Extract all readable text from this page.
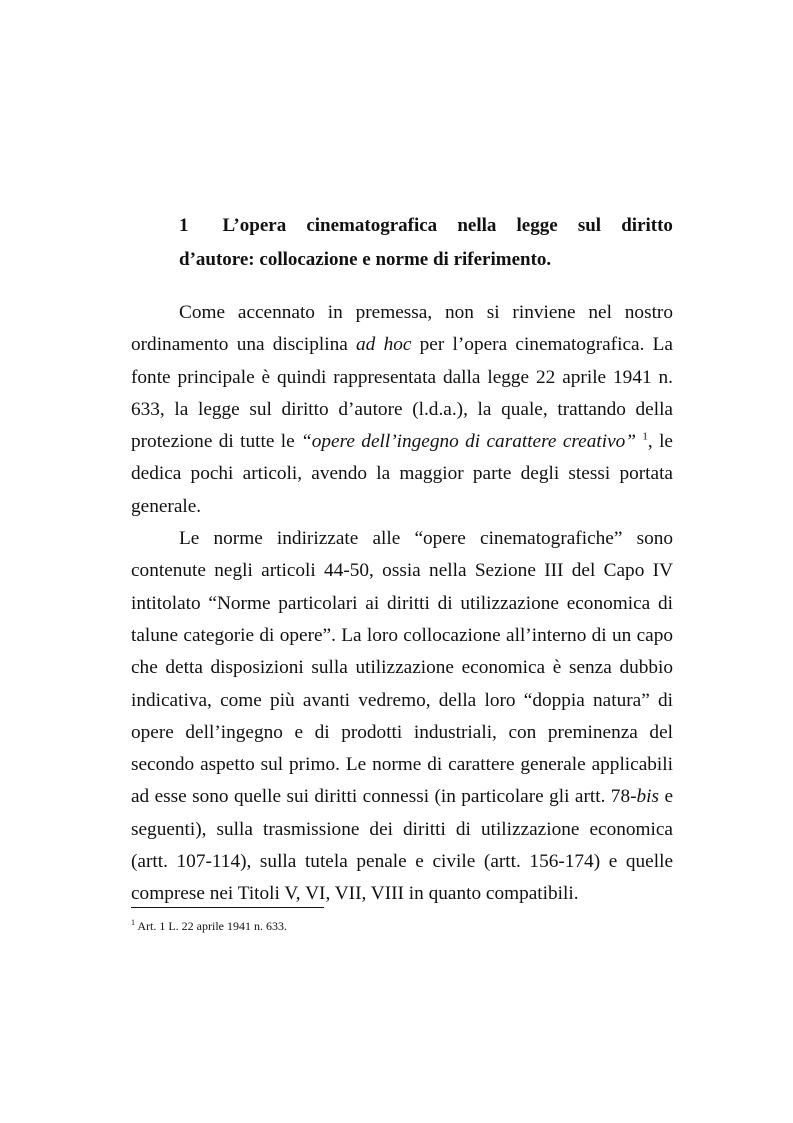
1 L’opera cinematografica nella legge sul diritto
d’autore: collocazione e norme di riferimento.

Come accennato in premessa, non si rinviene nel nostro ordinamento una disciplina ad hoc per l’opera cinematografica. La fonte principale è quindi rappresentata dalla legge 22 aprile 1941 n. 633, la legge sul diritto d’autore (l.d.a.), la quale, trattando della protezione di tutte le “opere dell’ingegno di carattere creativo” $^1$, le dedica pochi articoli, avendo la maggior parte degli stessi portata generale.

Le norme indirizzate alle “opere cinematografiche” sono contenute negli articoli 44-50, ossia nella Sezione III del Capo IV intitolato “Norme particolari ai diritti di utilizzazione economica di talune categorie di opere”. La loro collocazione all’interno di un capo che detta disposizioni sulla utilizzazione economica è senza dubbio indicativa, come più avanti vedremo, della loro “doppia natura” di opere dell’ingegno e di prodotti industriali, con preminenza del secondo aspetto sul primo. Le norme di carattere generale applicabili ad esse sono quelle sui diritti connessi (in particolare gli artt. 78-bis e seguenti), sulla trasmissione dei diritti di utilizzazione economica (artt. 107-114), sulla tutela penale e civile (artt. 156-174) e quelle comprese nei Titoli V, VI, VII, VIII in quanto compatibili.

$^1$ Art. 1 L. 22 aprile 1941 n. 633.
